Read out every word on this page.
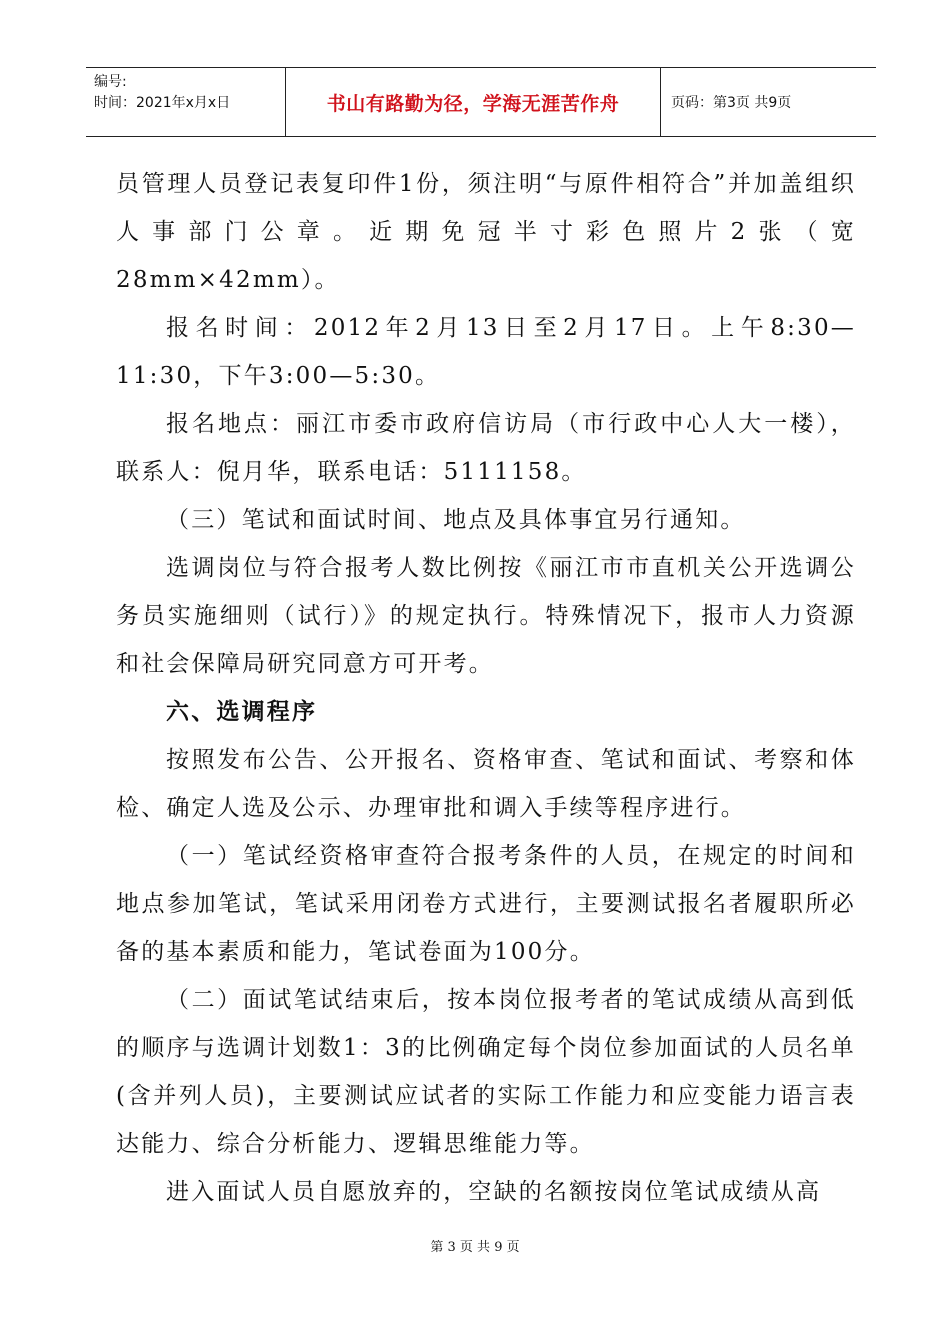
编号:
时间：2021年x月x日	书山有路勤为径，学海无涯苦作舟	页码：第3页 共9页

员管理人员登记表复印件1份，须注明“与原件相符合”并加盖组织人事部门公章。近期免冠半寸彩色照片2张（宽28mm×42mm）。

报名时间：2012年2月13日至2月17日。上午8:30—11:30，下午3:00—5:30。

报名地点：丽江市委市政府信访局（市行政中心人大一楼），联系人：倪月华，联系电话：5111158。

（三）笔试和面试时间、地点及具体事宜另行通知。

选调岗位与符合报考人数比例按《丽江市市直机关公开选调公务员实施细则（试行）》的规定执行。特殊情况下，报市人力资源和社会保障局研究同意方可开考。

六、选调程序

按照发布公告、公开报名、资格审查、笔试和面试、考察和体检、确定人选及公示、办理审批和调入手续等程序进行。

（一）笔试经资格审查符合报考条件的人员，在规定的时间和地点参加笔试，笔试采用闭卷方式进行，主要测试报名者履职所必备的基本素质和能力，笔试卷面为100分。

（二）面试笔试结束后，按本岗位报考者的笔试成绩从高到低的顺序与选调计划数1：3的比例确定每个岗位参加面试的人员名单(含并列人员)，主要测试应试者的实际工作能力和应变能力语言表达能力、综合分析能力、逻辑思维能力等。

进入面试人员自愿放弃的，空缺的名额按岗位笔试成绩从高

第 3 页 共 9 页
